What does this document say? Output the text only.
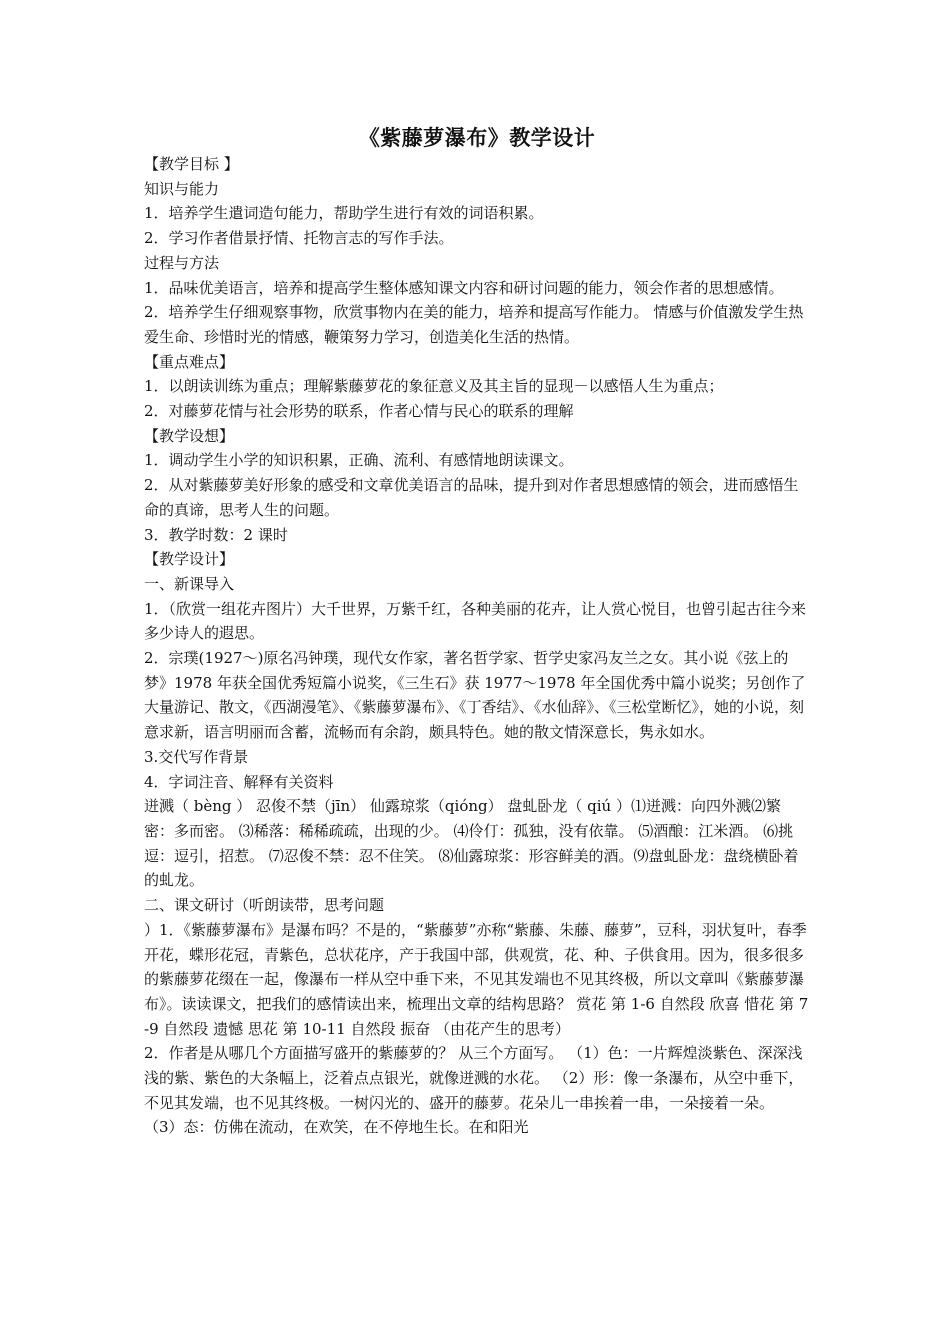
《紫藤萝瀑布》教学设计

【教学目标 】

知识与能力

1．培养学生遣词造句能力，帮助学生进行有效的词语积累。

2．学习作者借景抒情、托物言志的写作手法。

过程与方法

1．品味优美语言，培养和提高学生整体感知课文内容和研讨问题的能力，领会作者的思想感情。

2．培养学生仔细观察事物，欣赏事物内在美的能力，培养和提高写作能力。 情感与价值激发学生热爱生命、珍惜时光的情感，鞭策努力学习，创造美化生活的热情。

【重点难点】

1．以朗读训练为重点；理解紫藤萝花的象征意义及其主旨的显现－以感悟人生为重点；

2．对藤萝花情与社会形势的联系，作者心情与民心的联系的理解

【教学设想】

1．调动学生小学的知识积累，正确、流利、有感情地朗读课文。

2．从对紫藤萝美好形象的感受和文章优美语言的品味，提升到对作者思想感情的领会，进而感悟生命的真谛，思考人生的问题。

3．教学时数：2 课时

【教学设计】

一、新课导入

1．（欣赏一组花卉图片）大千世界，万紫千红，各种美丽的花卉，让人赏心悦目，也曾引起古往今来多少诗人的遐思。

2．宗璞(1927～)原名冯钟璞，现代女作家，著名哲学家、哲学史家冯友兰之女。其小说《弦上的梦》1978 年获全国优秀短篇小说奖，《三生石》获 1977～1978 年全国优秀中篇小说奖；另创作了大量游记、散文，《西湖漫笔》、《紫藤萝瀑布》、《丁香结》、《水仙辞》、《三松堂断忆》，她的小说，刻意求新，语言明丽而含蓄，流畅而有余韵，颇具特色。她的散文情深意长，隽永如水。

3.交代写作背景

4．字词注音、解释有关资料

迸溅（ bèng ） 忍俊不禁（jīn） 仙露琼浆（qióng） 盘虬卧龙（ qiú ）⑴迸溅：向四外溅⑵繁密：多而密。 ⑶稀落：稀稀疏疏，出现的少。 ⑷伶仃：孤独，没有依靠。 ⑸酒酿：江米酒。 ⑹挑逗：逗引，招惹。 ⑺忍俊不禁：忍不住笑。 ⑻仙露琼浆：形容鲜美的酒。⑼盘虬卧龙：盘绕横卧着的虬龙。

二、课文研讨（听朗读带，思考问题

）1．《紫藤萝瀑布》是瀑布吗？不是的，“紫藤萝”亦称“紫藤、朱藤、藤萝”，豆科，羽状复叶，春季开花，蝶形花冠，青紫色，总状花序，产于我国中部，供观赏，花、种、子供食用。因为，很多很多的紫藤萝花缀在一起，像瀑布一样从空中垂下来，不见其发端也不见其终极，所以文章叫《紫藤萝瀑布》。读读课文，把我们的感情读出来，梳理出文章的结构思路？ 赏花 第 1-6 自然段 欣喜 惜花 第 7-9 自然段 遗憾 思花 第 10-11 自然段 振奋 （由花产生的思考）

2．作者是从哪几个方面描写盛开的紫藤萝的？ 从三个方面写。 （1）色：一片辉煌淡紫色、深深浅浅的紫、紫色的大条幅上，泛着点点银光，就像迸溅的水花。 （2）形：像一条瀑布，从空中垂下，不见其发端，也不见其终极。一树闪光的、盛开的藤萝。花朵儿一串挨着一串，一朵接着一朵。 （3）态：仿佛在流动，在欢笑，在不停地生长。在和阳光
